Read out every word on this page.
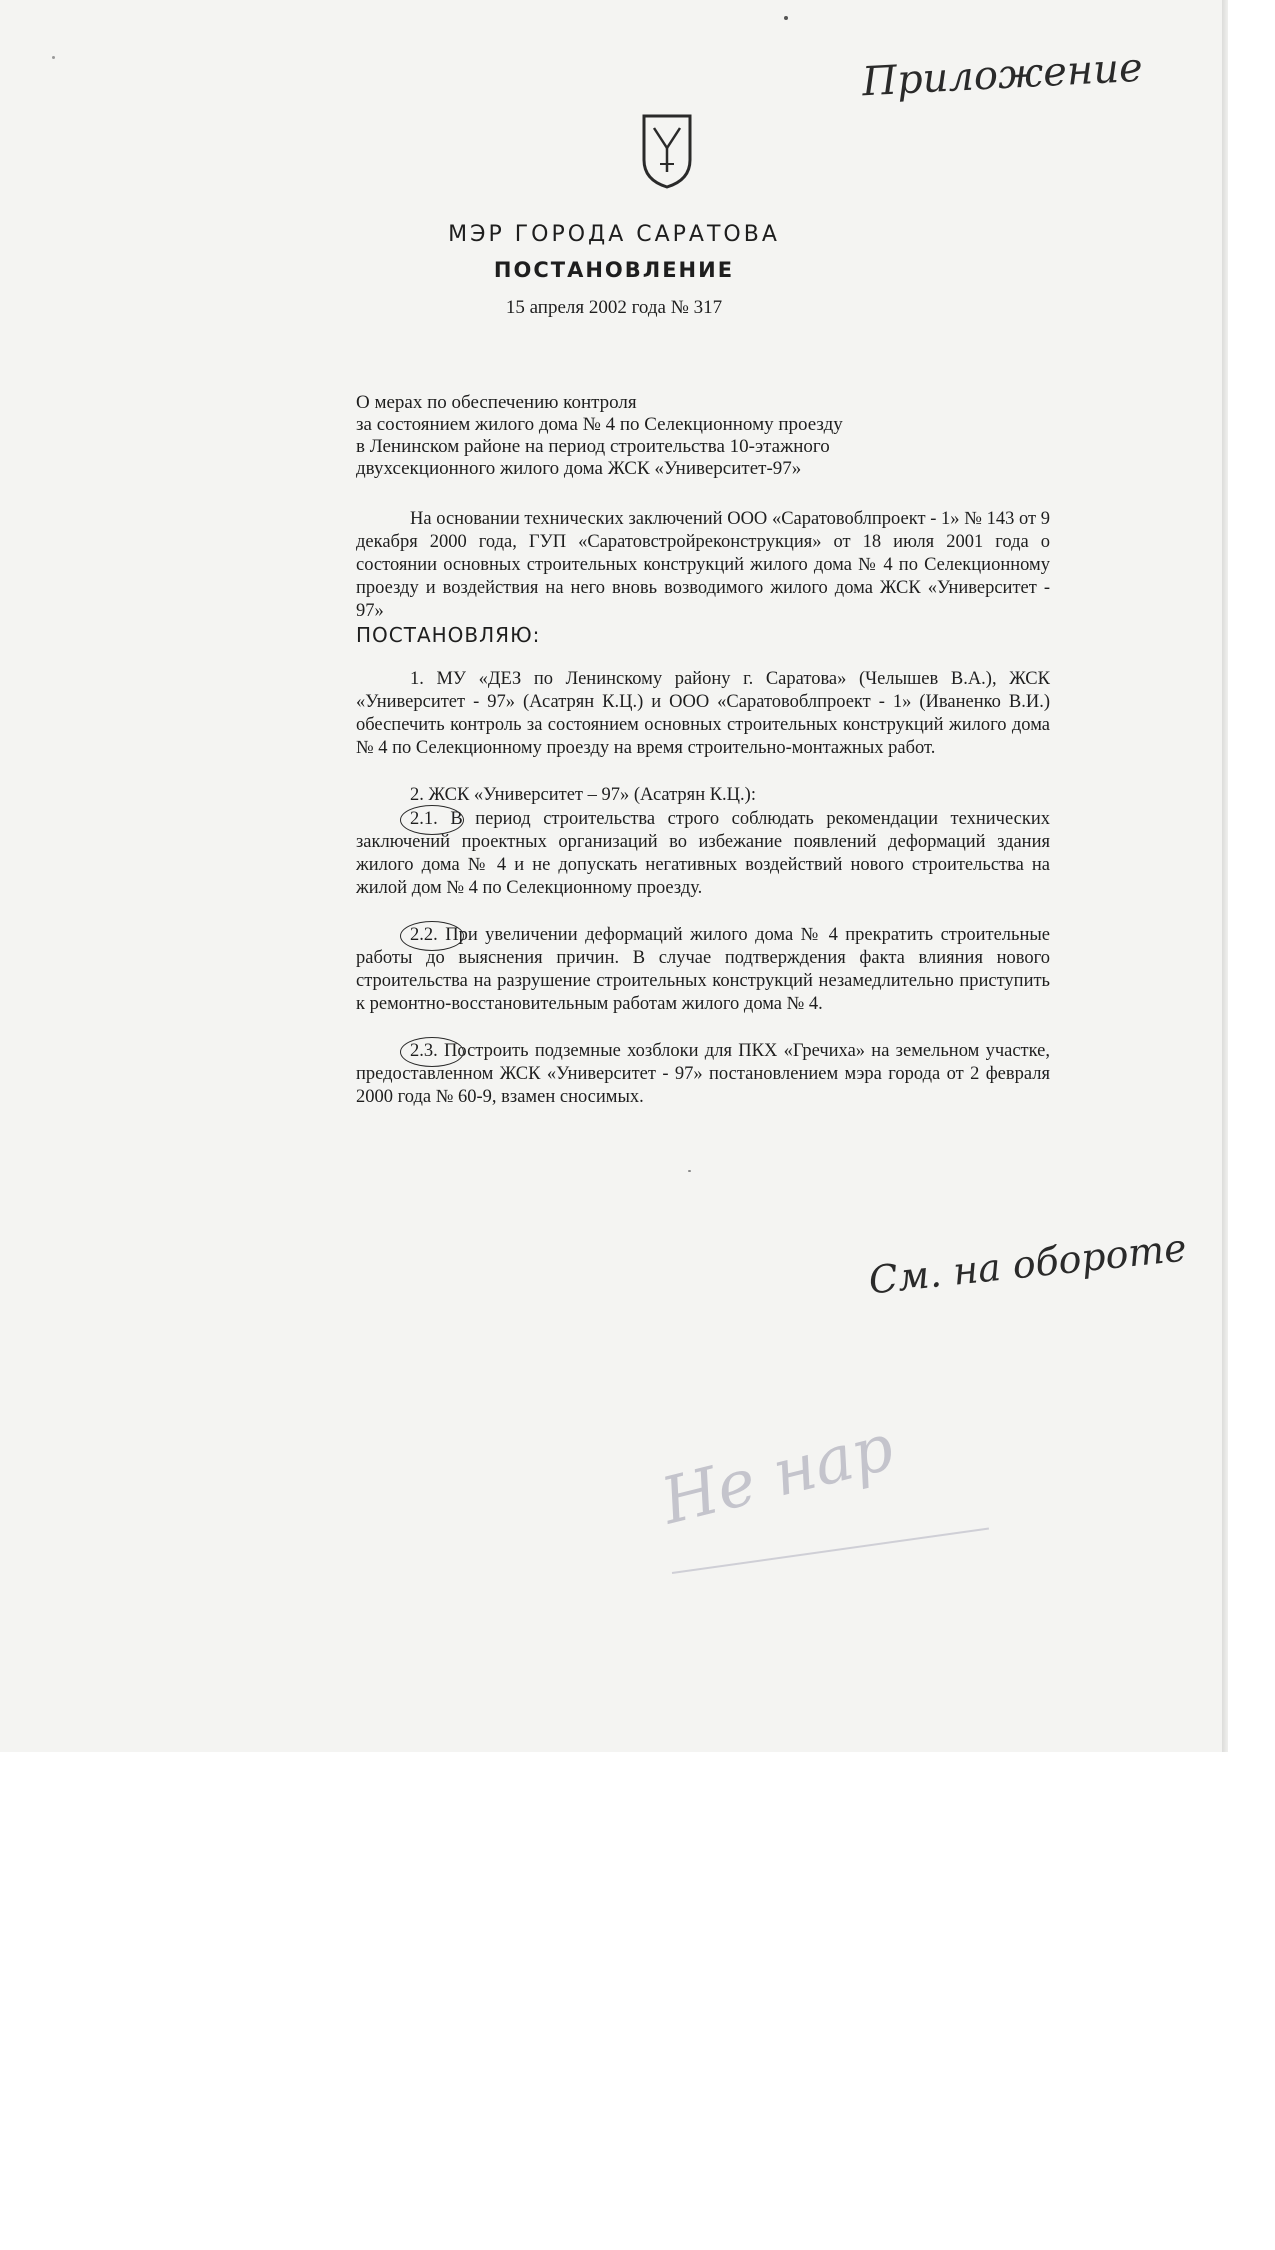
Приложение
МЭР ГОРОДА САРАТОВА
ПОСТАНОВЛЕНИЕ
15 апреля 2002 года № 317
О мерах по обеспечению контроля
за состоянием жилого дома № 4 по Селекционному проезду
в Ленинском районе на период строительства 10-этажного
двухсекционного жилого дома ЖСК «Университет-97»

На основании технических заключений ООО «Саратовоблпроект - 1» № 143 от 9 декабря 2000 года, ГУП «Саратовстройреконструкция» от 18 июля 2001 года о состоянии основных строительных конструкций жилого дома № 4 по Селекционному проезду и воздействия на него вновь возводимого жилого дома ЖСК «Университет - 97»

ПОСТАНОВЛЯЮ:

1. МУ «ДЕЗ по Ленинскому району г. Саратова» (Челышев В.А.), ЖСК «Университет - 97» (Асатрян К.Ц.) и ООО «Саратовоблпроект - 1» (Иваненко В.И.) обеспечить контроль за состоянием основных строительных конструкций жилого дома № 4 по Селекционному проезду на время строительно-монтажных работ.

2. ЖСК «Университет – 97» (Асатрян К.Ц.):

2.1. В период строительства строго соблюдать рекомендации технических заключений проектных организаций во избежание появлений деформаций здания жилого дома № 4 и не допускать негативных воздействий нового строительства на жилой дом № 4 по Селекционному проезду.

2.2. При увеличении деформаций жилого дома № 4 прекратить строительные работы до выяснения причин. В случае подтверждения факта влияния нового строительства на разрушение строительных конструкций незамедлительно приступить к ремонтно-восстановительным работам жилого дома № 4.

2.3. Построить подземные хозблоки для ПКХ «Гречиха» на земельном участке, предоставленном ЖСК «Университет - 97» постановлением мэра города от 2 февраля 2000 года № 60-9, взамен сносимых.

См. на обороте
Не нар
